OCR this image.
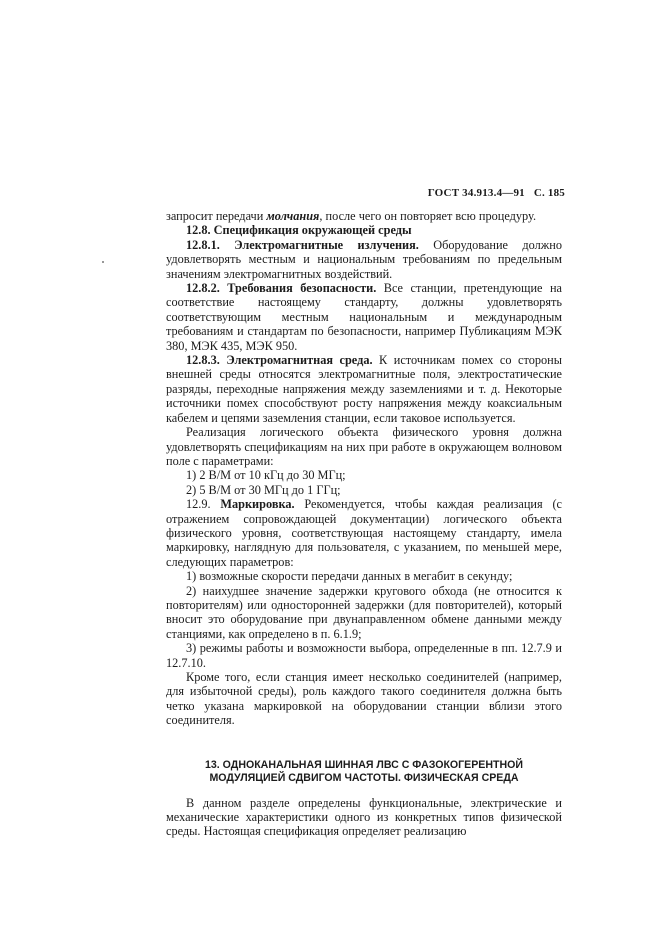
ГОСТ 34.913.4—91 С. 185

запросит передачи молчания, после чего он повторяет всю процедуру.

12.8. Спецификация окружающей среды

12.8.1. Электромагнитные излучения. Оборудование должно удовлетворять местным и национальным требованиям по предельным значениям электромагнитных воздействий.

12.8.2. Требования безопасности. Все станции, претендующие на соответствие настоящему стандарту, должны удовлетворять соответствующим местным национальным и международным требованиям и стандартам по безопасности, например Публикациям МЭК 380, МЭК 435, МЭК 950.

12.8.3. Электромагнитная среда. К источникам помех со стороны внешней среды относятся электромагнитные поля, электростатические разряды, переходные напряжения между заземлениями и т. д. Некоторые источники помех способствуют росту напряжения между коаксиальным кабелем и цепями заземления станции, если таковое используется.

Реализация логического объекта физического уровня должна удовлетворять спецификациям на них при работе в окружающем волновом поле с параметрами:

1) 2 В/М от 10 кГц до 30 МГц;

2) 5 В/М от 30 МГц до 1 ГГц;

12.9. Маркировка. Рекомендуется, чтобы каждая реализация (с отражением сопровождающей документации) логического объекта физического уровня, соответствующая настоящему стандарту, имела маркировку, наглядную для пользователя, с указанием, по меньшей мере, следующих параметров:

1) возможные скорости передачи данных в мегабит в секунду;

2) наихудшее значение задержки кругового обхода (не относится к повторителям) или односторонней задержки (для повторителей), который вносит это оборудование при двунаправленном обмене данными между станциями, как определено в п. 6.1.9;

3) режимы работы и возможности выбора, определенные в пп. 12.7.9 и 12.7.10.

Кроме того, если станция имеет несколько соединителей (например, для избыточной среды), роль каждого такого соединителя должна быть четко указана маркировкой на оборудовании станции вблизи этого соединителя.

13. ОДНОКАНАЛЬНАЯ ШИННАЯ ЛВС С ФАЗОКОГЕРЕНТНОЙ
МОДУЛЯЦИЕЙ СДВИГОМ ЧАСТОТЫ. ФИЗИЧЕСКАЯ СРЕДА

В данном разделе определены функциональные, электрические и механические характеристики одного из конкретных типов физической среды. Настоящая спецификация определяет реализацию
